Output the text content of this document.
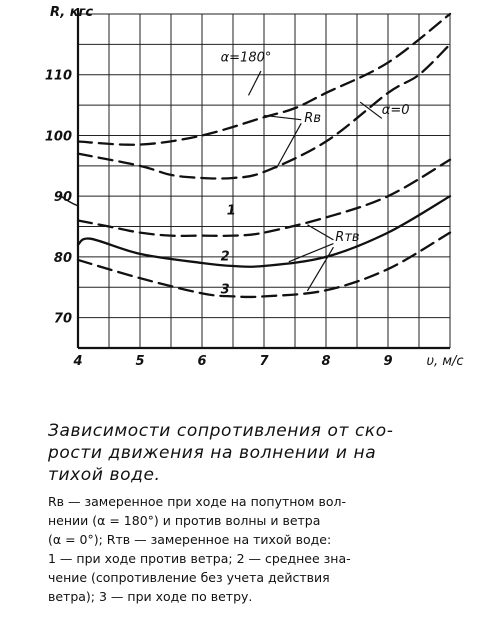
4	5	6	7	8	9
70
80
90
100
110
R, кгс
υ, м/с
α=180°
α=0
Rв
Rтв
1
2
3
Зависимости сопротивления от ско-
рости движения на волнении и на
тихой воде.
Rв — замеренное при ходе на попутном вол-
нении (α = 180°) и против волны и ветра
(α = 0°); Rтв — замеренное на тихой воде:
1 — при ходе против ветра; 2 — среднее зна-
чение (сопротивление без учета действия
ветра); 3 — при ходе по ветру.
